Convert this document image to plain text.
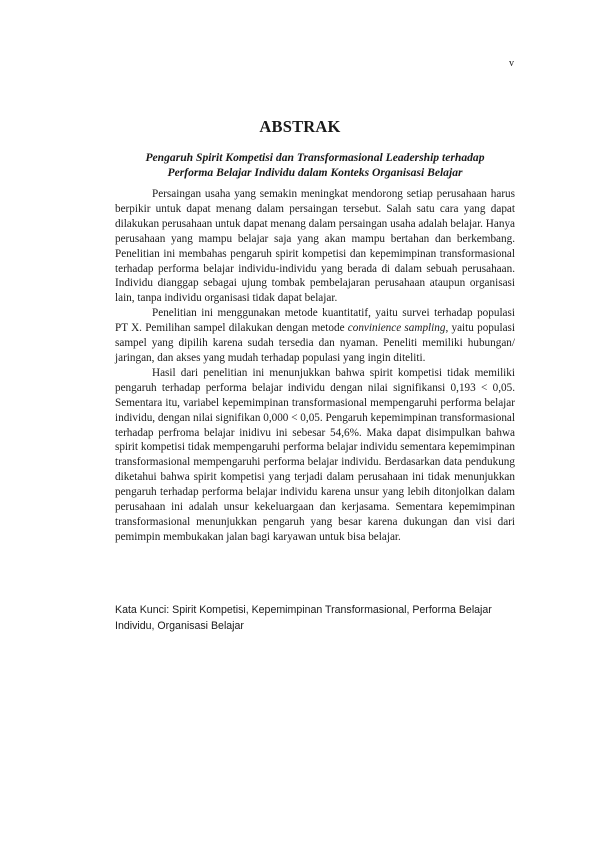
v
ABSTRAK
Pengaruh Spirit Kompetisi dan Transformasional Leadership terhadap
Performa Belajar Individu dalam Konteks Organisasi Belajar

Persaingan usaha yang semakin meningkat mendorong setiap perusahaan harus berpikir untuk dapat menang dalam persaingan tersebut. Salah satu cara yang dapat dilakukan perusahaan untuk dapat menang dalam persaingan usaha adalah belajar. Hanya perusahaan yang mampu belajar saja yang akan mampu bertahan dan berkembang. Penelitian ini membahas pengaruh spirit kompetisi dan kepemimpinan transformasional terhadap performa belajar individu-individu yang berada di dalam sebuah perusahaan. Individu dianggap sebagai ujung tombak pembelajaran perusahaan ataupun organisasi lain, tanpa individu organisasi tidak dapat belajar.

Penelitian ini menggunakan metode kuantitatif, yaitu survei terhadap populasi PT X. Pemilihan sampel dilakukan dengan metode convinience sampling, yaitu populasi sampel yang dipilih karena sudah tersedia dan nyaman. Peneliti memiliki hubungan/ jaringan, dan akses yang mudah terhadap populasi yang ingin diteliti.

Hasil dari penelitian ini menunjukkan bahwa spirit kompetisi tidak memiliki pengaruh terhadap performa belajar individu dengan nilai signifikansi 0,193 < 0,05. Sementara itu, variabel kepemimpinan transformasional mempengaruhi performa belajar individu, dengan nilai signifikan 0,000 < 0,05. Pengaruh kepemimpinan transformasional terhadap perfroma belajar inidivu ini sebesar 54,6%. Maka dapat disimpulkan bahwa spirit kompetisi tidak mempengaruhi performa belajar individu sementara kepemimpinan transformasional mempengaruhi performa belajar individu. Berdasarkan data pendukung diketahui bahwa spirit kompetisi yang terjadi dalam perusahaan ini tidak menunjukkan pengaruh terhadap performa belajar individu karena unsur yang lebih ditonjolkan dalam perusahaan ini adalah unsur kekeluargaan dan kerjasama. Sementara kepemimpinan transformasional menunjukkan pengaruh yang besar karena dukungan dan visi dari pemimpin membukakan jalan bagi karyawan untuk bisa belajar.

Kata Kunci: Spirit Kompetisi, Kepemimpinan Transformasional, Performa Belajar Individu, Organisasi Belajar
